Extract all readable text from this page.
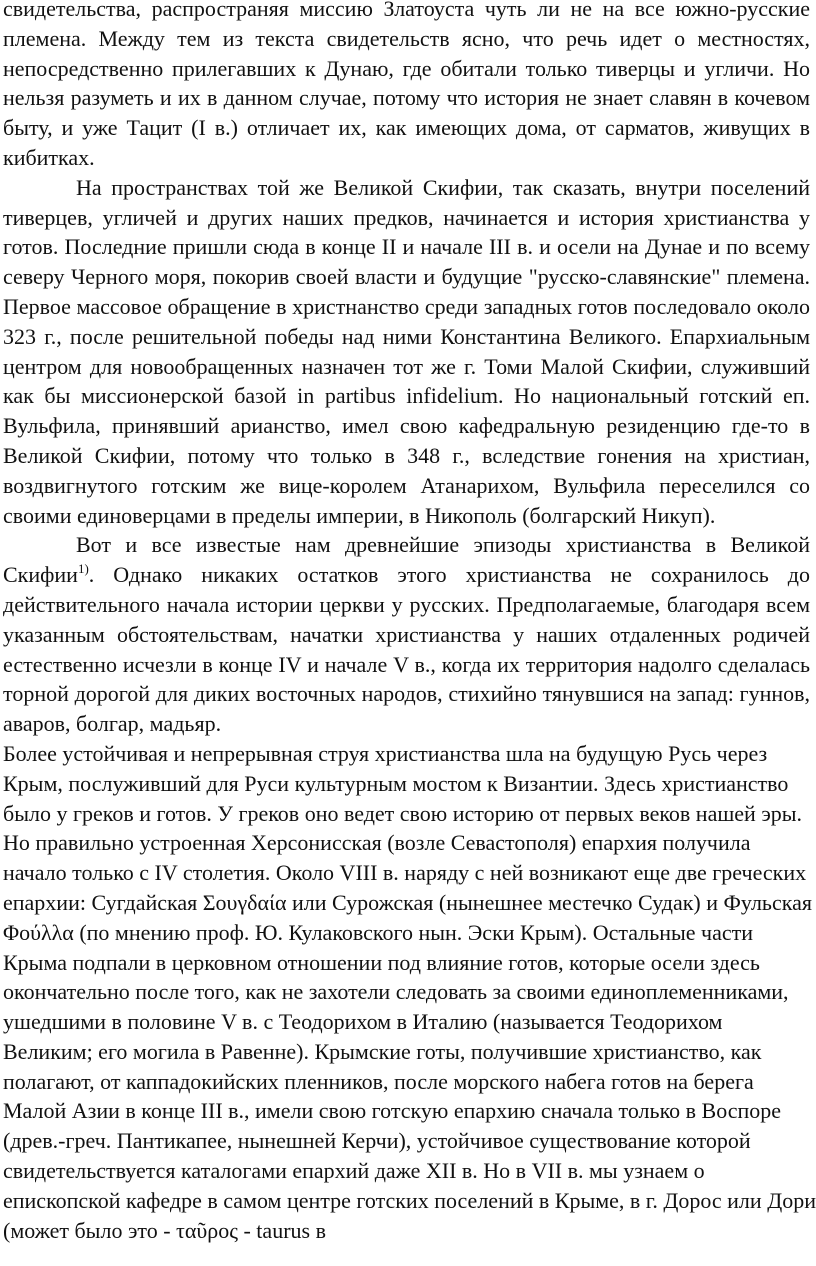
свидетельства, распространяя миссию Златоуста чуть ли не на все южно-русские племена. Между тем из текста свидетельств ясно, что речь идет о местностях, непосредственно прилегавших к Дунаю, где обитали только тиверцы и угличи. Но нельзя разуметь и их в данном случае, потому что история не знает славян в кочевом быту, и уже Тацит (I в.) отличает их, как имеющих дома, от сарматов, живущих в кибитках.

На пространствах той же Великой Скифии, так сказать, внутри поселений тиверцев, угличей и других наших предков, начинается и история христианства у готов. Последние пришли сюда в конце II и начале III в. и осели на Дунае и по всему северу Черного моря, покорив своей власти и будущие "русско-славянские" племена. Первое массовое обращение в христнанство среди западных готов последовало около 323 г., после решительной победы над ними Константина Великого. Епархиальным центром для новообращенных назначен тот же г. Томи Малой Скифии, служивший как бы миссионерской базой in partibus infidelium. Но национальный готский еп. Вульфила, принявший арианство, имел свою кафедральную резиденцию где-то в Великой Скифии, потому что только в 348 г., вследствие гонения на христиан, воздвигнутого готским же вице-королем Атанарихом, Вульфила переселился со своими единоверцами в пределы империи, в Никополь (болгарский Никуп).

Вот и все известые нам древнейшие эпизоды христианства в Великой Скифии$^{1)}$. Однако никаких остатков этого христианства не сохранилось до действительного начала истории церкви у русских. Предполагаемые, благодаря всем указанным обстоятельствам, начатки христианства у наших отдаленных родичей естественно исчезли в конце IV и начале V в., когда их территория надолго сделалась торной дорогой для диких восточных народов, стихийно тянувшися на запад: гуннов, аваров, болгар, мадьяр.

Более устойчивая и непрерывная струя христианства шла на будущую Русь через Крым, послуживший для Руси культурным мостом к Византии. Здесь христианство было у греков и готов. У греков оно ведет свою историю от первых веков нашей эры. Но правильно устроенная Херсонисская (возле Севастополя) епархия получила начало только с IV столетия. Около VIII в. наряду с ней возникают еще две греческих епархии: Сугдайская Σουγδαία или Сурожская (нынешнее местечко Судак) и Фульская Φούλλα (по мнению проф. Ю. Кулаковского нын. Эски Крым). Остальные части Крыма подпали в церковном отношении под влияние готов, которые осели здесь окончательно после того, как не захотели следовать за своими единоплеменниками, ушедшими в половине V в. с Теодорихом в Италию (называется Теодорихом Великим; его могила в Равенне). Крымские готы, получившие христианство, как полагают, от каппадокийских пленников, после морского набега готов на берега Малой Азии в конце III в., имели свою готскую епархию сначала только в Воспоре (древ.-греч. Пантикапее, нынешней Керчи), устойчивое существование которой свидетельствуется каталогами епархий даже XII в. Но в VII в. мы узнаем о епископской кафедре в самом центре готских поселений в Крыме, в г. Дорос или Дори (может было это - ταῦρος - taurus в
